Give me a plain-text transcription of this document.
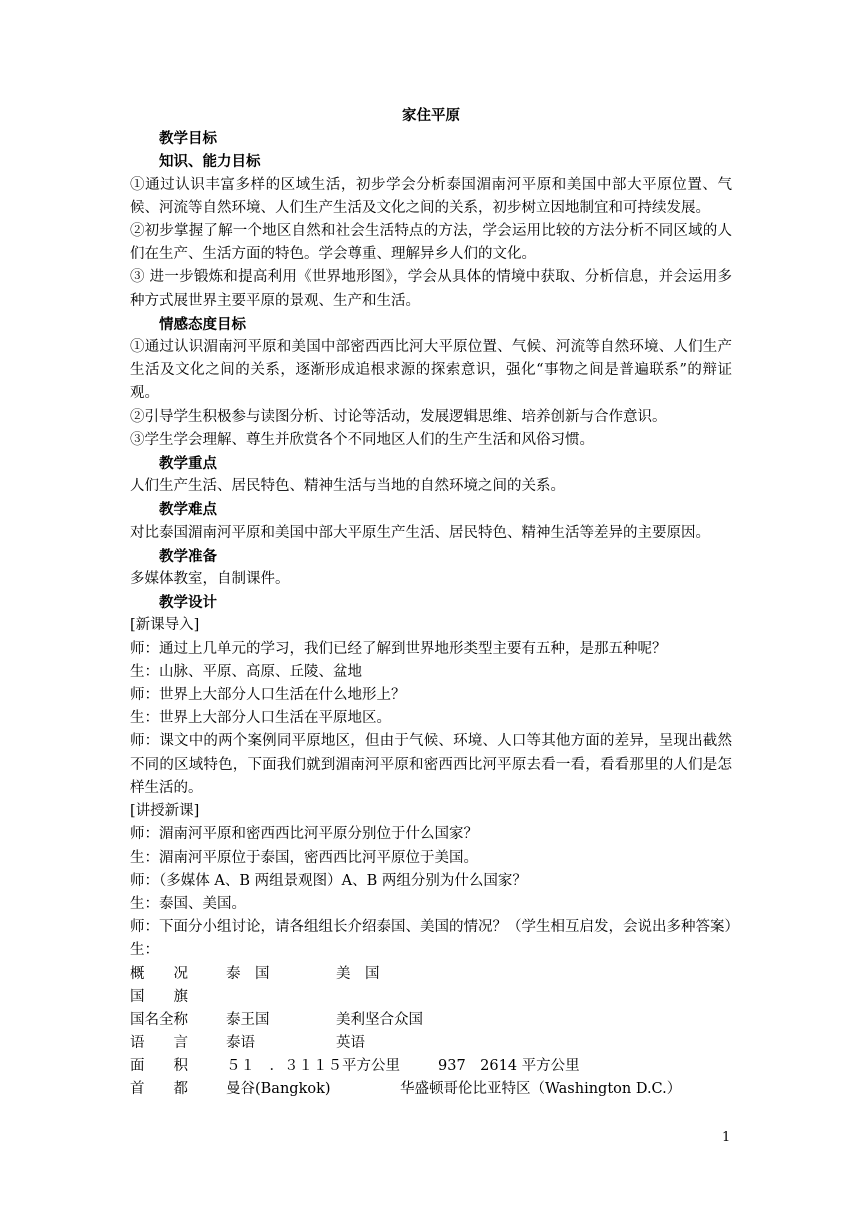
家住平原

教学目标

知识、能力目标

①通过认识丰富多样的区域生活，初步学会分析泰国湄南河平原和美国中部大平原位置、气候、河流等自然环境、人们生产生活及文化之间的关系，初步树立因地制宜和可持续发展。

②初步掌握了解一个地区自然和社会生活特点的方法，学会运用比较的方法分析不同区域的人们在生产、生活方面的特色。学会尊重、理解异乡人们的文化。

③ 进一步锻炼和提高利用《世界地形图》，学会从具体的情境中获取、分析信息，并会运用多种方式展世界主要平原的景观、生产和生活。

情感态度目标

①通过认识湄南河平原和美国中部密西西比河大平原位置、气候、河流等自然环境、人们生产生活及文化之间的关系，逐渐形成追根求源的探索意识，强化“事物之间是普遍联系”的辩证观。

②引导学生积极参与读图分析、讨论等活动，发展逻辑思维、培养创新与合作意识。

③学生学会理解、尊生并欣赏各个不同地区人们的生产生活和风俗习惯。

教学重点

人们生产生活、居民特色、精神生活与当地的自然环境之间的关系。

教学难点

对比泰国湄南河平原和美国中部大平原生产生活、居民特色、精神生活等差异的主要原因。

教学准备

多媒体教室，自制课件。

教学设计

[新课导入]

师：通过上几单元的学习，我们已经了解到世界地形类型主要有五种，是那五种呢？

生：山脉、平原、高原、丘陵、盆地

师：世界上大部分人口生活在什么地形上？

生：世界上大部分人口生活在平原地区。

师：课文中的两个案例同平原地区，但由于气候、环境、人口等其他方面的差异，呈现出截然不同的区域特色，下面我们就到湄南河平原和密西西比河平原去看一看，看看那里的人们是怎样生活的。

[讲授新课]

师：湄南河平原和密西西比河平原分别位于什么国家？

生：湄南河平原位于泰国，密西西比河平原位于美国。

师：（多媒体 A、B 两组景观图）A、B 两组分别为什么国家？

生：泰国、美国。

师：下面分小组讨论，请各组组长介绍泰国、美国的情况？（学生相互启发，会说出多种答案）

生：

概　　况	泰　国	美　国
国　　旗
国名全称	泰王国	美利坚合众国
语　　言	泰语	英语
面　　积	５１　．３１１５平方公里	937　2614 平方公里
首　　都	曼谷(Bangkok)	华盛顿哥伦比亚特区（Washington D.C.）
1
